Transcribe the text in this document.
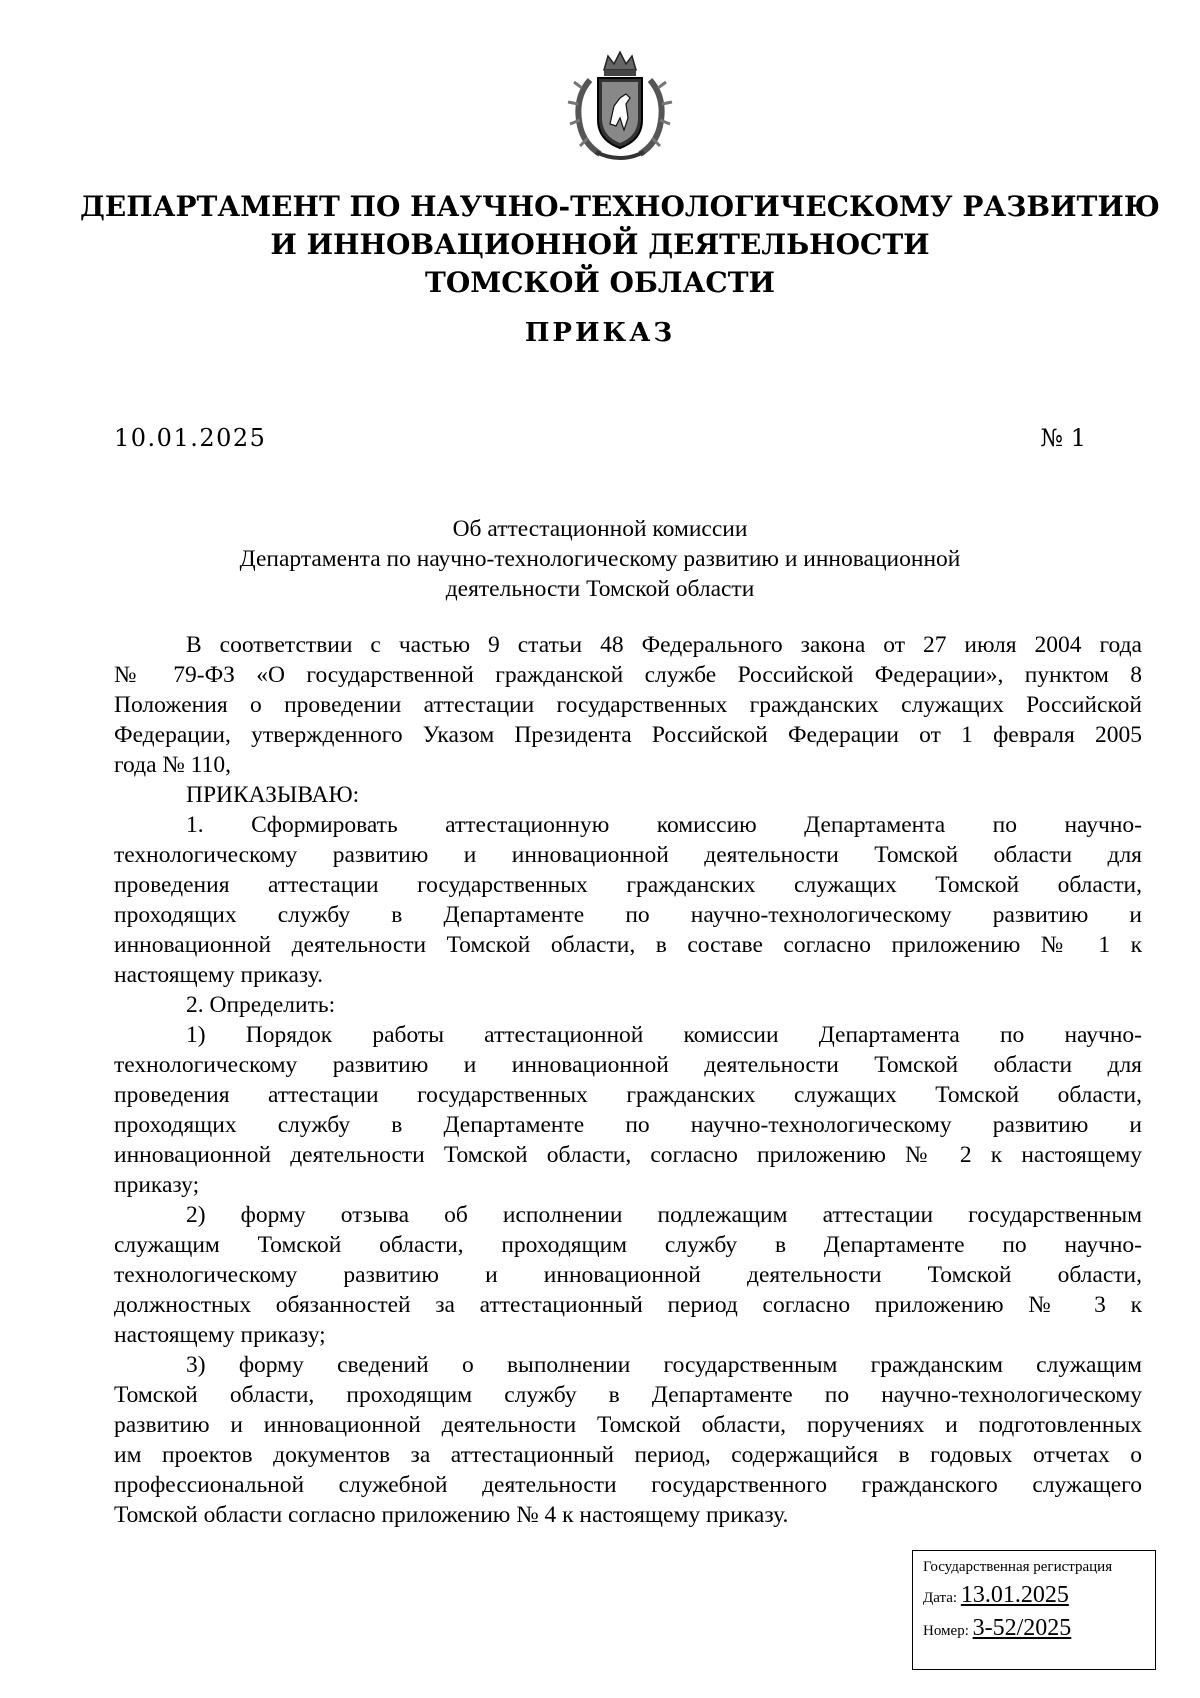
ДЕПАРТАМЕНТ ПО НАУЧНО-ТЕХНОЛОГИЧЕСКОМУ РАЗВИТИЮ
И ИННОВАЦИОННОЙ ДЕЯТЕЛЬНОСТИ
ТОМСКОЙ ОБЛАСТИ
ПРИКАЗ
10.01.2025	№ 1
Об аттестационной комиссии
Департамента по научно-технологическому развитию и инновационной
деятельности Томской области
В соответствии с частью 9 статьи 48 Федерального закона от 27 июля 2004 года
№ 79-ФЗ «О государственной гражданской службе Российской Федерации», пунктом 8
Положения о проведении аттестации государственных гражданских служащих Российской
Федерации, утвержденного Указом Президента Российской Федерации от 1 февраля 2005
года № 110,
ПРИКАЗЫВАЮ:
1. Сформировать аттестационную комиссию Департамента по научно-
технологическому развитию и инновационной деятельности Томской области для
проведения аттестации государственных гражданских служащих Томской области,
проходящих службу в Департаменте по научно-технологическому развитию и
инновационной деятельности Томской области, в составе согласно приложению № 1 к
настоящему приказу.
2. Определить:
1) Порядок работы аттестационной комиссии Департамента по научно-
технологическому развитию и инновационной деятельности Томской области для
проведения аттестации государственных гражданских служащих Томской области,
проходящих службу в Департаменте по научно-технологическому развитию и
инновационной деятельности Томской области, согласно приложению № 2 к настоящему
приказу;
2) форму отзыва об исполнении подлежащим аттестации государственным
служащим Томской области, проходящим службу в Департаменте по научно-
технологическому развитию и инновационной деятельности Томской области,
должностных обязанностей за аттестационный период согласно приложению № 3 к
настоящему приказу;
3) форму сведений о выполнении государственным гражданским служащим
Томской области, проходящим службу в Департаменте по научно-технологическому
развитию и инновационной деятельности Томской области, поручениях и подготовленных
им проектов документов за аттестационный период, содержащийся в годовых отчетах о
профессиональной служебной деятельности государственного гражданского служащего
Томской области согласно приложению № 4 к настоящему приказу.
Государственная регистрация
Дата: 13.01.2025
Номер: 3-52/2025
